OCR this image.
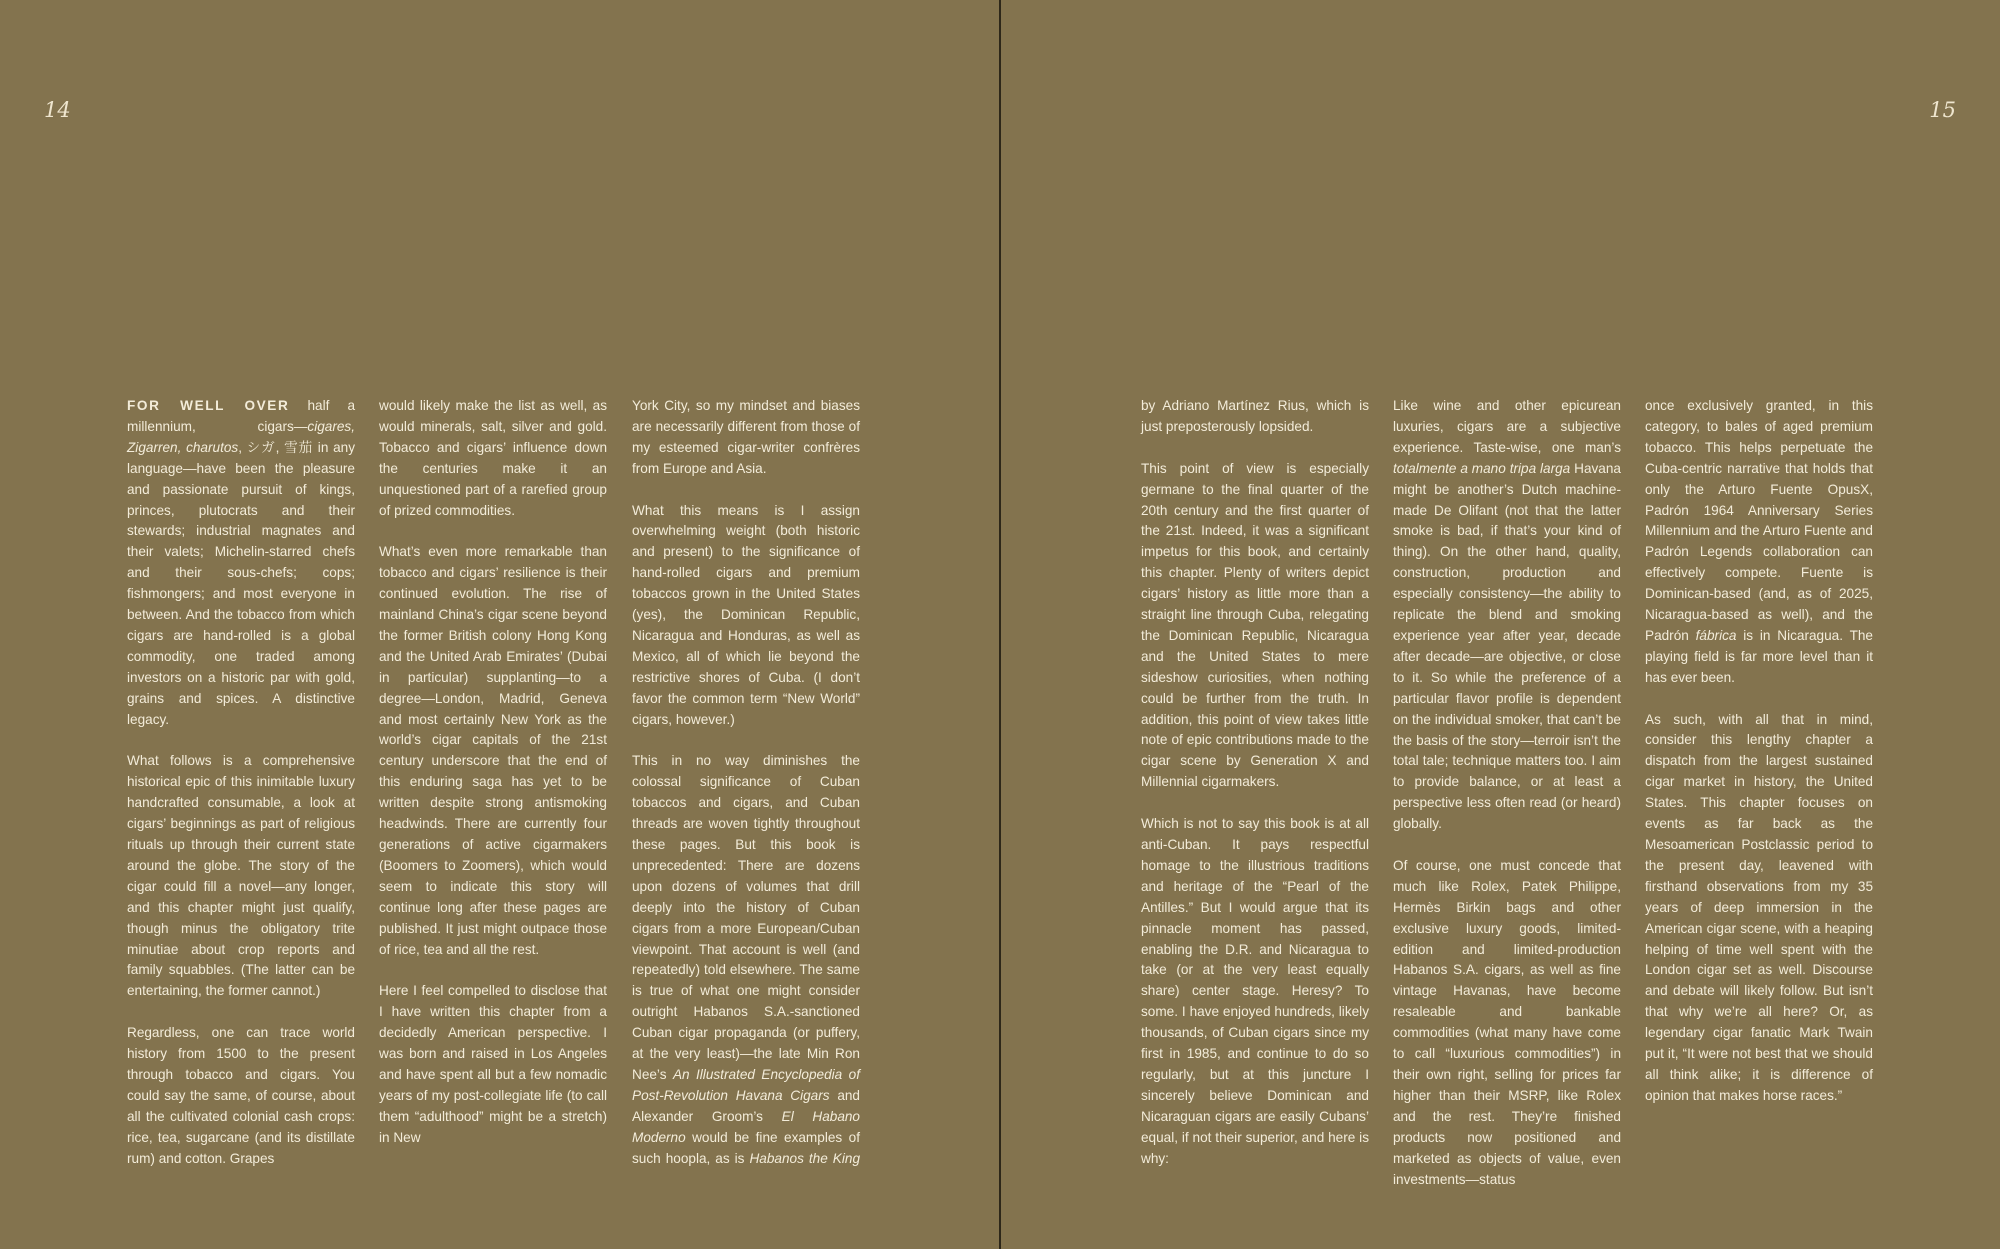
14	15

FOR WELL OVER half a millennium, cigars—cigares, Zigarren, charutos, シガ, 雪茄 in any language—have been the pleasure and passionate pursuit of kings, princes, plutocrats and their stewards; industrial magnates and their valets; Michelin-starred chefs and their sous-chefs; cops; fishmongers; and most everyone in between. And the tobacco from which cigars are hand-rolled is a global commodity, one traded among investors on a historic par with gold, grains and spices. A distinctive legacy.

What follows is a comprehensive historical epic of this inimitable luxury handcrafted consumable, a look at cigars’ beginnings as part of religious rituals up through their current state around the globe. The story of the cigar could fill a novel—any longer, and this chapter might just qualify, though minus the obligatory trite minutiae about crop reports and family squabbles. (The latter can be entertaining, the former cannot.)

Regardless, one can trace world history from 1500 to the present through tobacco and cigars. You could say the same, of course, about all the cultivated colonial cash crops: rice, tea, sugarcane (and its distillate rum) and cotton. Grapes

would likely make the list as well, as would minerals, salt, silver and gold. Tobacco and cigars’ influence down the centuries make it an unquestioned part of a rarefied group of prized commodities.

What’s even more remarkable than tobacco and cigars’ resilience is their continued evolution. The rise of mainland China’s cigar scene beyond the former British colony Hong Kong and the United Arab Emirates’ (Dubai in particular) supplanting—to a degree—London, Madrid, Geneva and most certainly New York as the world’s cigar capitals of the 21st century underscore that the end of this enduring saga has yet to be written despite strong antismoking headwinds. There are currently four generations of active cigarmakers (Boomers to Zoomers), which would seem to indicate this story will continue long after these pages are published. It just might outpace those of rice, tea and all the rest.

Here I feel compelled to disclose that I have written this chapter from a decidedly American perspective. I was born and raised in Los Angeles and have spent all but a few nomadic years of my post-collegiate life (to call them “adulthood” might be a stretch) in New

York City, so my mindset and biases are necessarily different from those of my esteemed cigar-writer confrères from Europe and Asia.

What this means is I assign overwhelming weight (both historic and present) to the significance of hand-rolled cigars and premium tobaccos grown in the United States (yes), the Dominican Republic, Nicaragua and Honduras, as well as Mexico, all of which lie beyond the restrictive shores of Cuba. (I don’t favor the common term “New World” cigars, however.)

This in no way diminishes the colossal significance of Cuban tobaccos and cigars, and Cuban threads are woven tightly throughout these pages. But this book is unprecedented: There are dozens upon dozens of volumes that drill deeply into the history of Cuban cigars from a more European/Cuban viewpoint. That account is well (and repeatedly) told elsewhere. The same is true of what one might consider outright Habanos S.A.-sanctioned Cuban cigar propaganda (or puffery, at the very least)—the late Min Ron Nee’s An Illustrated Encyclopedia of Post-Revolution Havana Cigars and Alexander Groom’s El Habano Moderno would be fine examples of such hoopla, as is Habanos the King

by Adriano Martínez Rius, which is just preposterously lopsided.

This point of view is especially germane to the final quarter of the 20th century and the first quarter of the 21st. Indeed, it was a significant impetus for this book, and certainly this chapter. Plenty of writers depict cigars’ history as little more than a straight line through Cuba, relegating the Dominican Republic, Nicaragua and the United States to mere sideshow curiosities, when nothing could be further from the truth. In addition, this point of view takes little note of epic contributions made to the cigar scene by Generation X and Millennial cigarmakers.

Which is not to say this book is at all anti-Cuban. It pays respectful homage to the illustrious traditions and heritage of the “Pearl of the Antilles.” But I would argue that its pinnacle moment has passed, enabling the D.R. and Nicaragua to take (or at the very least equally share) center stage. Heresy? To some. I have enjoyed hundreds, likely thousands, of Cuban cigars since my first in 1985, and continue to do so regularly, but at this juncture I sincerely believe Dominican and Nicaraguan cigars are easily Cubans’ equal, if not their superior, and here is why:

Like wine and other epicurean luxuries, cigars are a subjective experience. Taste-wise, one man’s totalmente a mano tripa larga Havana might be another’s Dutch machine-made De Olifant (not that the latter smoke is bad, if that’s your kind of thing). On the other hand, quality, construction, production and especially consistency—the ability to replicate the blend and smoking experience year after year, decade after decade—are objective, or close to it. So while the preference of a particular flavor profile is dependent on the individual smoker, that can’t be the basis of the story—terroir isn’t the total tale; technique matters too. I aim to provide balance, or at least a perspective less often read (or heard) globally.

Of course, one must concede that much like Rolex, Patek Philippe, Hermès Birkin bags and other exclusive luxury goods, limited-edition and limited-production Habanos S.A. cigars, as well as fine vintage Havanas, have become resaleable and bankable commodities (what many have come to call “luxurious commodities”) in their own right, selling for prices far higher than their MSRP, like Rolex and the rest. They’re finished products now positioned and marketed as objects of value, even investments—status

once exclusively granted, in this category, to bales of aged premium tobacco. This helps perpetuate the Cuba-centric narrative that holds that only the Arturo Fuente OpusX, Padrón 1964 Anniversary Series Millennium and the Arturo Fuente and Padrón Legends collaboration can effectively compete. Fuente is Dominican-based (and, as of 2025, Nicaragua-based as well), and the Padrón fábrica is in Nicaragua. The playing field is far more level than it has ever been.

As such, with all that in mind, consider this lengthy chapter a dispatch from the largest sustained cigar market in history, the United States. This chapter focuses on events as far back as the Mesoamerican Postclassic period to the present day, leavened with firsthand observations from my 35 years of deep immersion in the American cigar scene, with a heaping helping of time well spent with the London cigar set as well. Discourse and debate will likely follow. But isn’t that why we’re all here? Or, as legendary cigar fanatic Mark Twain put it, “It were not best that we should all think alike; it is difference of opinion that makes horse races.”
